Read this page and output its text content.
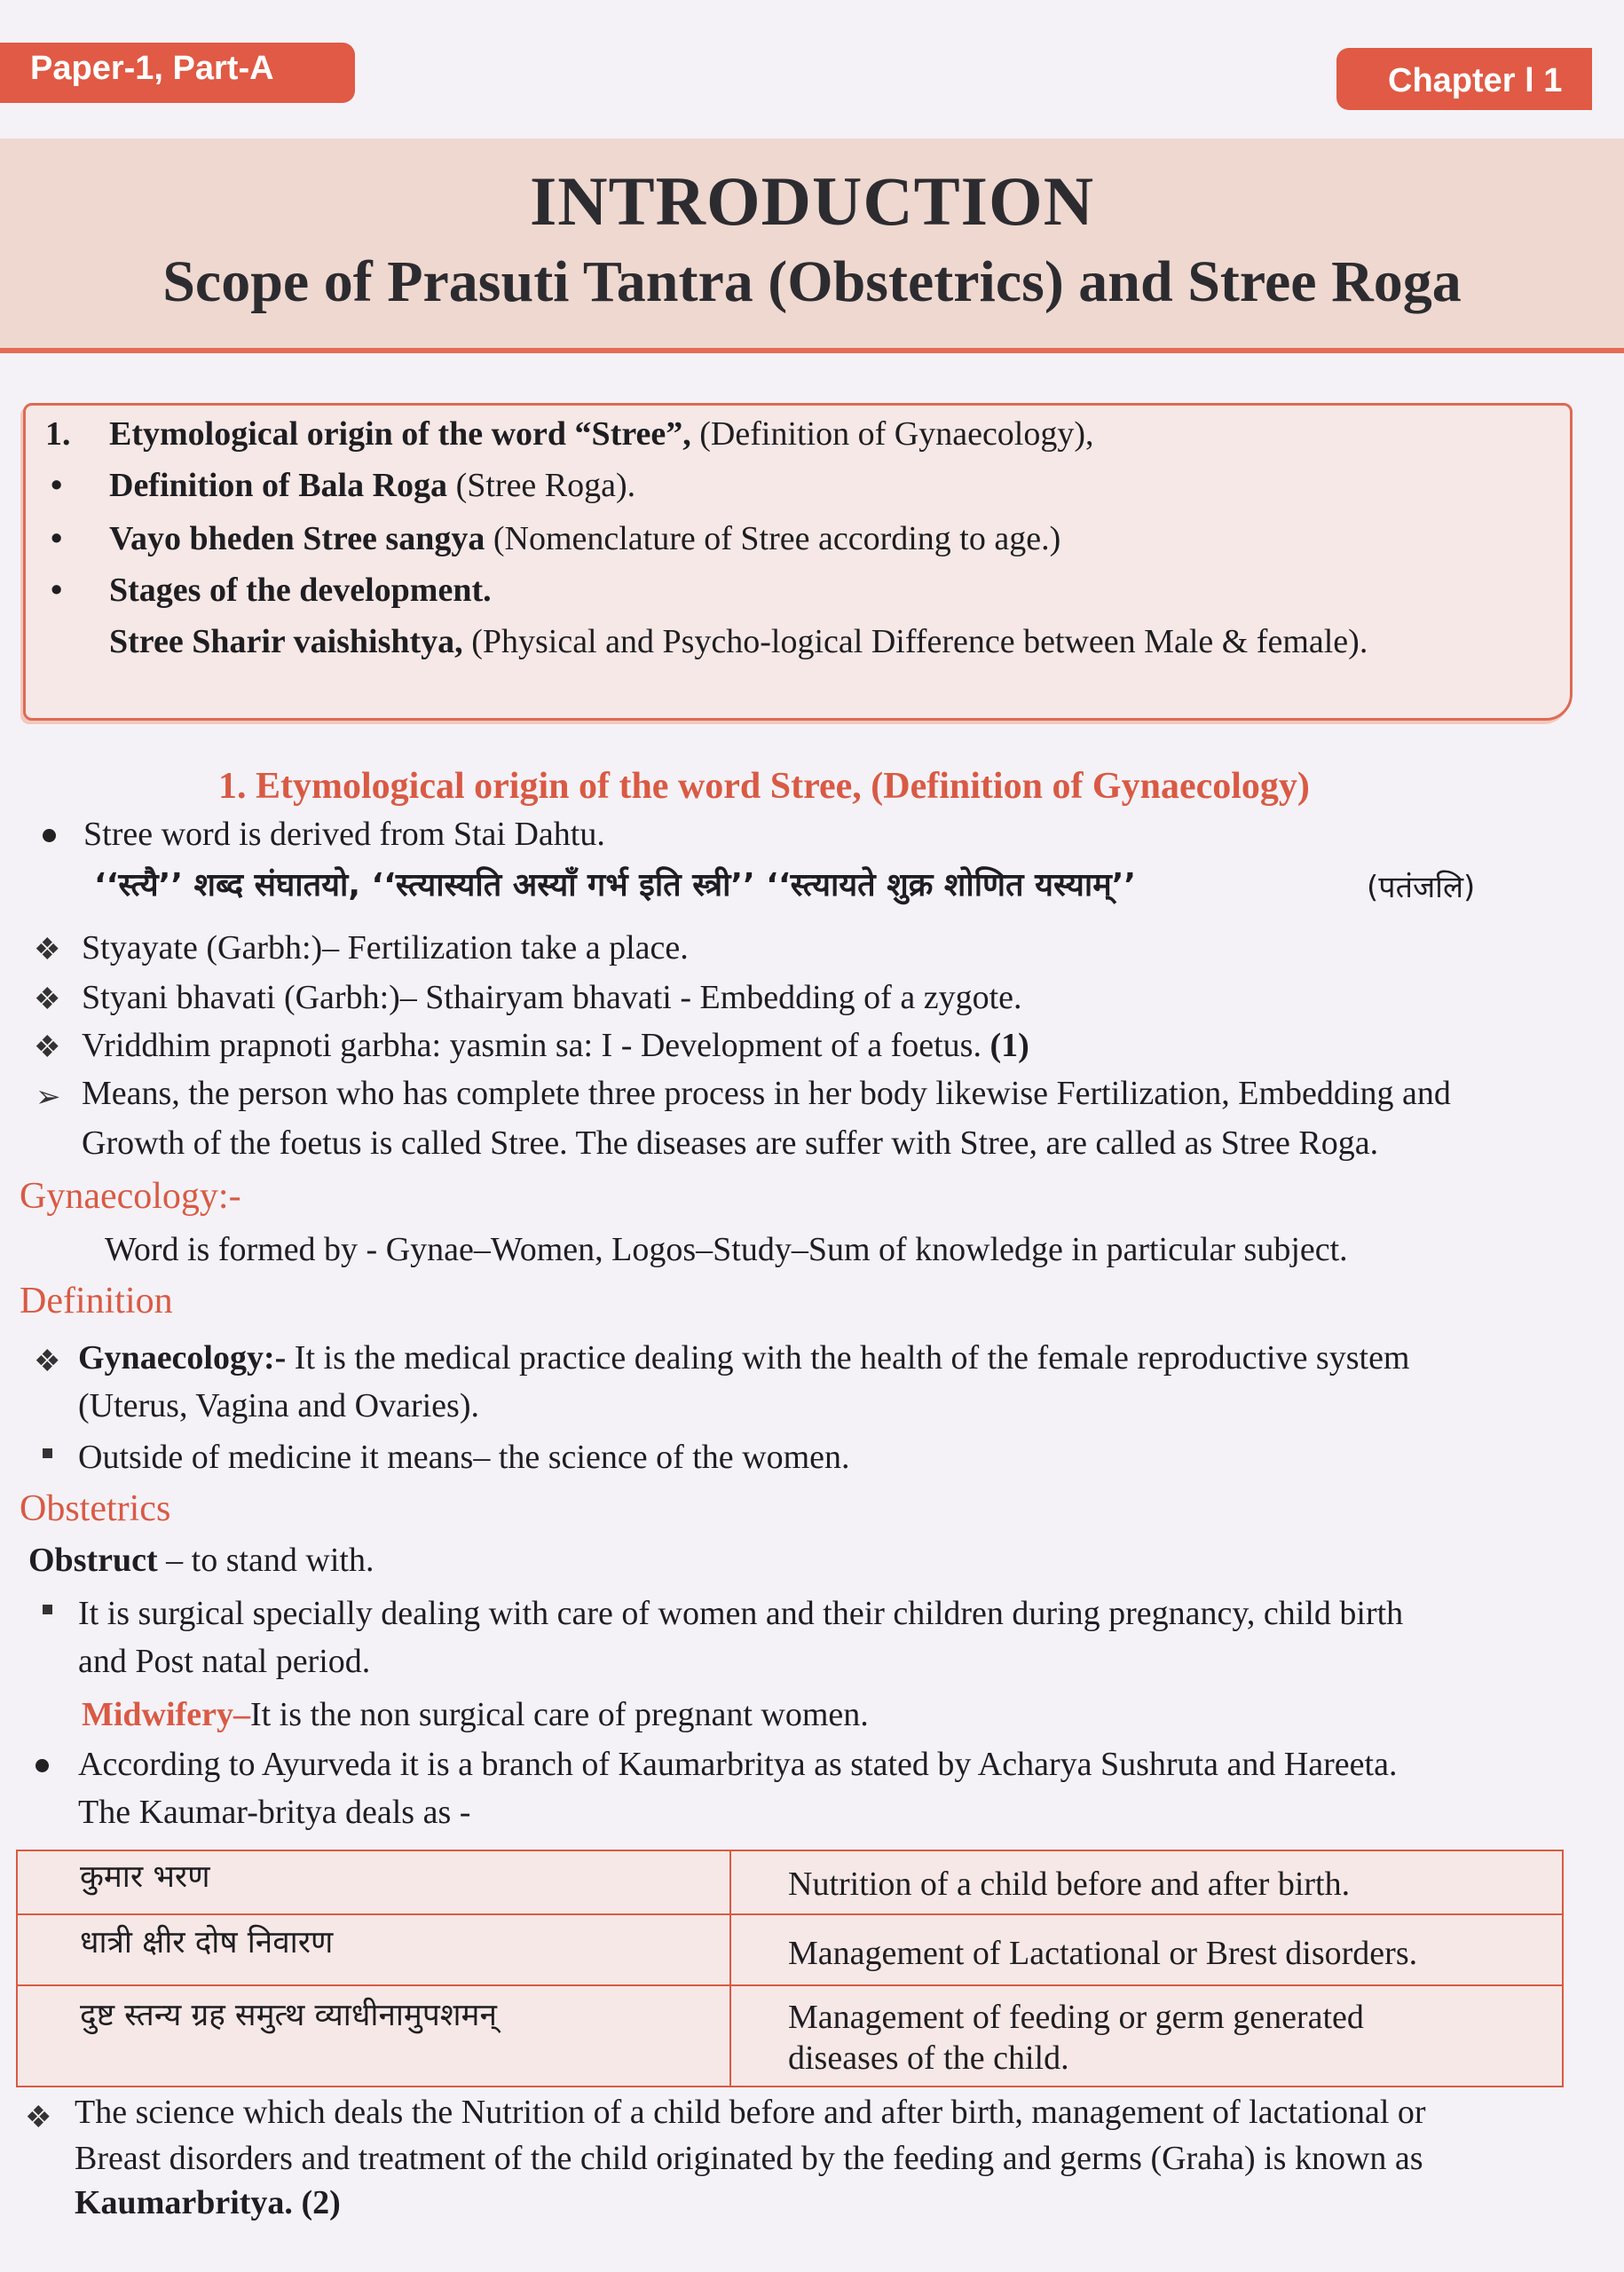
Paper-1, Part-A	Chapter l 1
INTRODUCTION
Scope of Prasuti Tantra (Obstetrics) and Stree Roga
1. Etymological origin of the word “Stree”, (Definition of Gynaecology),
• Definition of Bala Roga (Stree Roga).
• Vayo bheden Stree sangya (Nomenclature of Stree according to age.)
• Stages of the development.
Stree Sharir vaishishtya, (Physical and Psycho-logical Difference between Male & female).
1. Etymological origin of the word Stree, (Definition of Gynaecology)
Stree word is derived from Stai Dahtu.
‘‘स्त्यै’’ शब्द संघातयो, ‘‘स्त्यास्यति अस्यॉं गर्भ इति स्त्री’’ ‘‘स्त्यायते शुक्र शोणित यस्याम्’’	(पतंजलि)
❖ Styayate (Garbh:)– Fertilization take a place.
❖ Styani bhavati (Garbh:)– Sthairyam bhavati - Embedding of a zygote.
❖ Vriddhim prapnoti garbha: yasmin sa: I - Development of a foetus. (1)
➢ Means, the person who has complete three process in her body likewise Fertilization, Embedding and
Growth of the foetus is called Stree. The diseases are suffer with Stree, are called as Stree Roga.
Gynaecology:-
Word is formed by - Gynae–Women, Logos–Study–Sum of knowledge in particular subject.
Definition
❖ Gynaecology:- It is the medical practice dealing with the health of the female reproductive system
(Uterus, Vagina and Ovaries).
Outside of medicine it means– the science of the women.
Obstetrics
Obstruct – to stand with.
It is surgical specially dealing with care of women and their children during pregnancy, child birth
and Post natal period.
Midwifery–It is the non surgical care of pregnant women.
According to Ayurveda it is a branch of Kaumarbritya as stated by Acharya Sushruta and Hareeta.
The Kaumar-britya deals as -
कुमार भरण	Nutrition of a child before and after birth.
धात्री क्षीर दोष निवारण	Management of Lactational or Brest disorders.
दुष्ट स्तन्य ग्रह समुत्थ व्याधीनामुपशमन्	Management of feeding or germ generated
diseases of the child.
❖ The science which deals the Nutrition of a child before and after birth, management of lactational or
Breast disorders and treatment of the child originated by the feeding and germs (Graha) is known as
Kaumarbritya. (2)
